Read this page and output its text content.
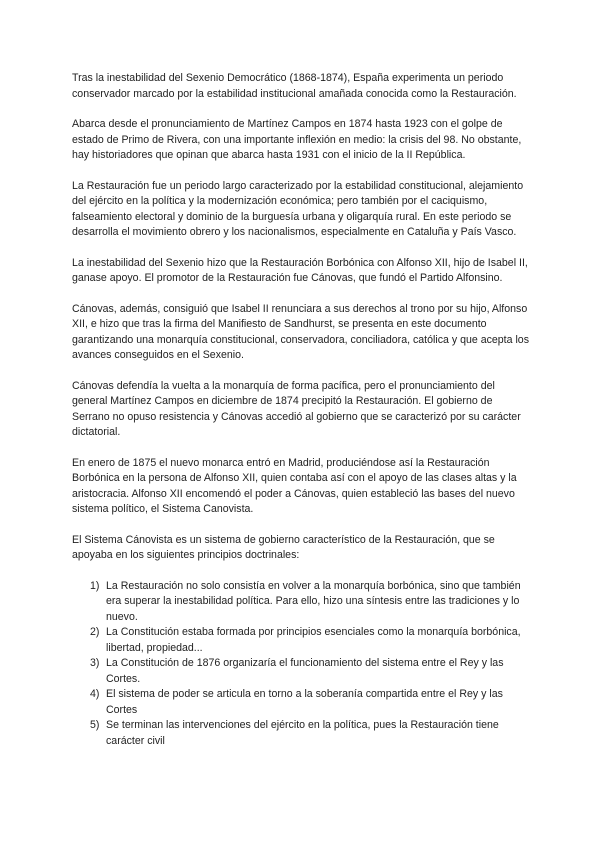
Tras la inestabilidad del Sexenio Democrático (1868-1874), España experimenta un periodo conservador marcado por la estabilidad institucional amañada conocida como la Restauración.

Abarca desde el pronunciamiento de Martínez Campos en 1874 hasta 1923 con el golpe de estado de Primo de Rivera, con una importante inflexión en medio: la crisis del 98. No obstante, hay historiadores que opinan que abarca hasta 1931 con el inicio de la II República.

La Restauración fue un periodo largo caracterizado por la estabilidad constitucional, alejamiento del ejército en la política y la modernización económica; pero también por el caciquismo, falseamiento electoral y dominio de la burguesía urbana y oligarquía rural. En este periodo se desarrolla el movimiento obrero y los nacionalismos, especialmente en Cataluña y País Vasco.

La inestabilidad del Sexenio hizo que la Restauración Borbónica con Alfonso XII, hijo de Isabel II, ganase apoyo. El promotor de la Restauración fue Cánovas, que fundó el Partido Alfonsino.

Cánovas, además, consiguió que Isabel II renunciara a sus derechos al trono por su hijo, Alfonso XII, e hizo que tras la firma del Manifiesto de Sandhurst, se presenta en este documento garantizando una monarquía constitucional, conservadora, conciliadora, católica y que acepta los avances conseguidos en el Sexenio.

Cánovas defendía la vuelta a la monarquía de forma pacífica, pero el pronunciamiento del general Martínez Campos en diciembre de 1874 precipitó la Restauración. El gobierno de Serrano no opuso resistencia y Cánovas accedió al gobierno que se caracterizó por su carácter dictatorial.

En enero de 1875 el nuevo monarca entró en Madrid, produciéndose así la Restauración Borbónica en la persona de Alfonso XII, quien contaba así con el apoyo de las clases altas y la aristocracia. Alfonso XII encomendó el poder a Cánovas, quien estableció las bases del nuevo sistema político, el Sistema Canovista.

El Sistema Cánovista es un sistema de gobierno característico de la Restauración, que se apoyaba en los siguientes principios doctrinales:

1) La Restauración no solo consistía en volver a la monarquía borbónica, sino que también era superar la inestabilidad política. Para ello, hizo una síntesis entre las tradiciones y lo nuevo.
2) La Constitución estaba formada por principios esenciales como la monarquía borbónica, libertad, propiedad...
3) La Constitución de 1876 organizaría el funcionamiento del sistema entre el Rey y las Cortes.
4) El sistema de poder se articula en torno a la soberanía compartida entre el Rey y las Cortes
5) Se terminan las intervenciones del ejército en la política, pues la Restauración tiene carácter civil
